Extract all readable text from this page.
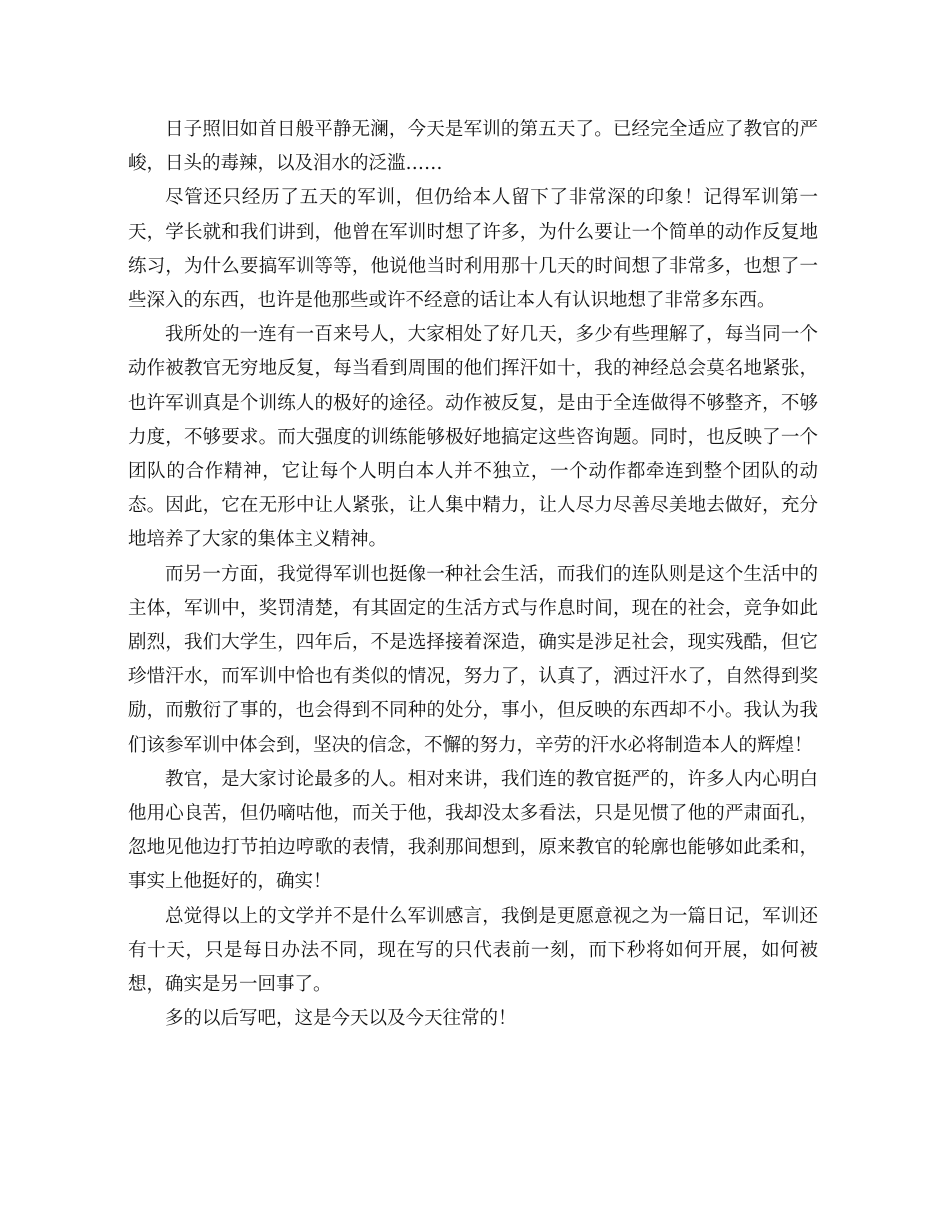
日子照旧如首日般平静无澜，今天是军训的第五天了。已经完全适应了教官的严峻，日头的毒辣，以及泪水的泛滥……

尽管还只经历了五天的军训，但仍给本人留下了非常深的印象！记得军训第一天，学长就和我们讲到，他曾在军训时想了许多，为什么要让一个简单的动作反复地练习，为什么要搞军训等等，他说他当时利用那十几天的时间想了非常多，也想了一些深入的东西，也许是他那些或许不经意的话让本人有认识地想了非常多东西。

我所处的一连有一百来号人，大家相处了好几天，多少有些理解了，每当同一个动作被教官无穷地反复，每当看到周围的他们挥汗如十，我的神经总会莫名地紧张，也许军训真是个训练人的极好的途径。动作被反复，是由于全连做得不够整齐，不够力度，不够要求。而大强度的训练能够极好地搞定这些咨询题。同时，也反映了一个团队的合作精神，它让每个人明白本人并不独立，一个动作都牵连到整个团队的动态。因此，它在无形中让人紧张，让人集中精力，让人尽力尽善尽美地去做好，充分地培养了大家的集体主义精神。

而另一方面，我觉得军训也挺像一种社会生活，而我们的连队则是这个生活中的主体，军训中，奖罚清楚，有其固定的生活方式与作息时间，现在的社会，竞争如此剧烈，我们大学生，四年后，不是选择接着深造，确实是涉足社会，现实残酷，但它珍惜汗水，而军训中恰也有类似的情况，努力了，认真了，洒过汗水了，自然得到奖励，而敷衍了事的，也会得到不同种的处分，事小，但反映的东西却不小。我认为我们该参军训中体会到，坚决的信念，不懈的努力，辛劳的汗水必将制造本人的辉煌！

教官，是大家讨论最多的人。相对来讲，我们连的教官挺严的，许多人内心明白他用心良苦，但仍嘀咕他，而关于他，我却没太多看法，只是见惯了他的严肃面孔，忽地见他边打节拍边哼歌的表情，我刹那间想到，原来教官的轮廓也能够如此柔和，事实上他挺好的，确实！

总觉得以上的文学并不是什么军训感言，我倒是更愿意视之为一篇日记，军训还有十天，只是每日办法不同，现在写的只代表前一刻，而下秒将如何开展，如何被想，确实是另一回事了。

多的以后写吧，这是今天以及今天往常的！
